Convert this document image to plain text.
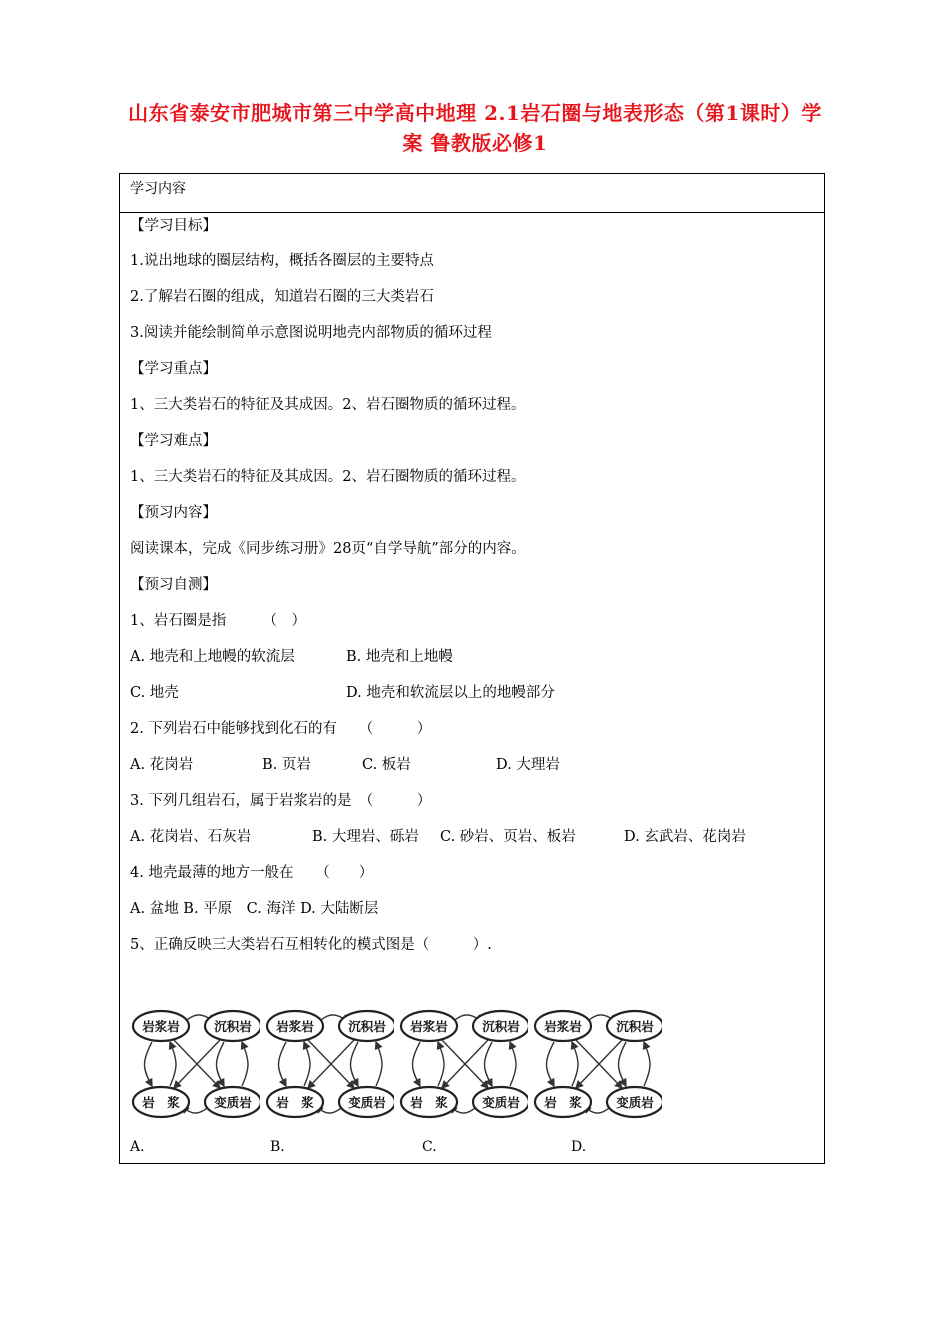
山东省泰安市肥城市第三中学高中地理 2.1岩石圈与地表形态（第1课时）学
案 鲁教版必修1
学习内容
【学习目标】
1.说出地球的圈层结构，概括各圈层的主要特点
2.了解岩石圈的组成，知道岩石圈的三大类岩石
3.阅读并能绘制简单示意图说明地壳内部物质的循环过程
【学习重点】
1、三大类岩石的特征及其成因。2、岩石圈物质的循环过程。
【学习难点】
1、三大类岩石的特征及其成因。2、岩石圈物质的循环过程。
【预习内容】
阅读课本，完成《同步练习册》28页“自学导航”部分的内容。
【预习自测】
1、岩石圈是指　　　（　）
A. 地壳和上地幔的软流层	B. 地壳和上地幔
C. 地壳	D. 地壳和软流层以上的地幔部分
2. 下列岩石中能够找到化石的有　　（　　　）
A. 花岗岩	B. 页岩	C. 板岩	D. 大理岩
3. 下列几组岩石，属于岩浆岩的是　（　　　）
A. 花岗岩、石灰岩	B. 大理岩、砾岩 C. 砂岩、页岩、板岩	D. 玄武岩、花岗岩
4. 地壳最薄的地方一般在　　（　　）
A. 盆地 B. 平原　C. 海洋 D. 大陆断层
5、正确反映三大类岩石互相转化的模式图是（　　　）.
岩浆岩	沉积岩
岩　浆	变质岩
岩浆岩	沉积岩
岩　浆	变质岩
岩浆岩	沉积岩
岩　浆	变质岩
岩浆岩	沉积岩
岩　浆	变质岩
A.	B.	C.	D.
